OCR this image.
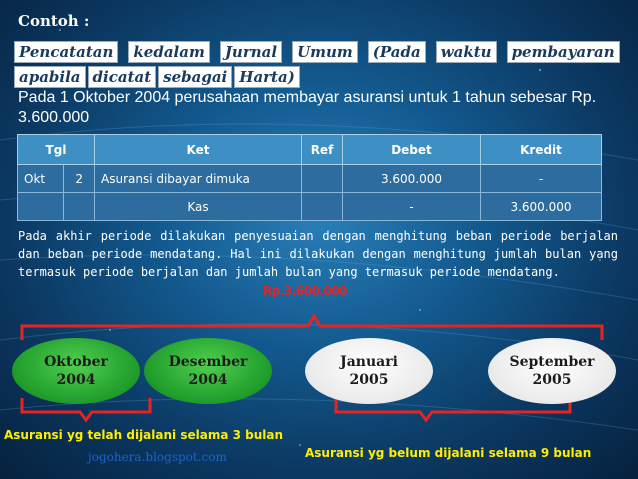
Contoh :
Pencatatan	kedalam	Jurnal	Umum	(Pada	waktu	pembayaran
apabila dicatat sebagai Harta)
Pada 1 Oktober 2004 perusahaan membayar asuransi untuk 1 tahun sebesar Rp. 3.600.000
Tgl		Ket	Ref	Debet	Kredit
Okt	2	Asuransi dibayar dimuka		3.600.000	-
		Kas		-	3.600.000
Pada akhir periode dilakukan penyesuaian dengan menghitung beban periode berjalan dan beban periode mendatang. Hal ini dilakukan dengan menghitung jumlah bulan yang termasuk periode berjalan dan jumlah bulan yang termasuk periode mendatang.
Rp.3.600.000
Oktober
2004
Desember
2004
Januari
2005
September
2005
Asuransi yg telah dijalani selama 3 bulan
Asuransi yg belum dijalani selama 9 bulan
jogohera.blogspot.com
